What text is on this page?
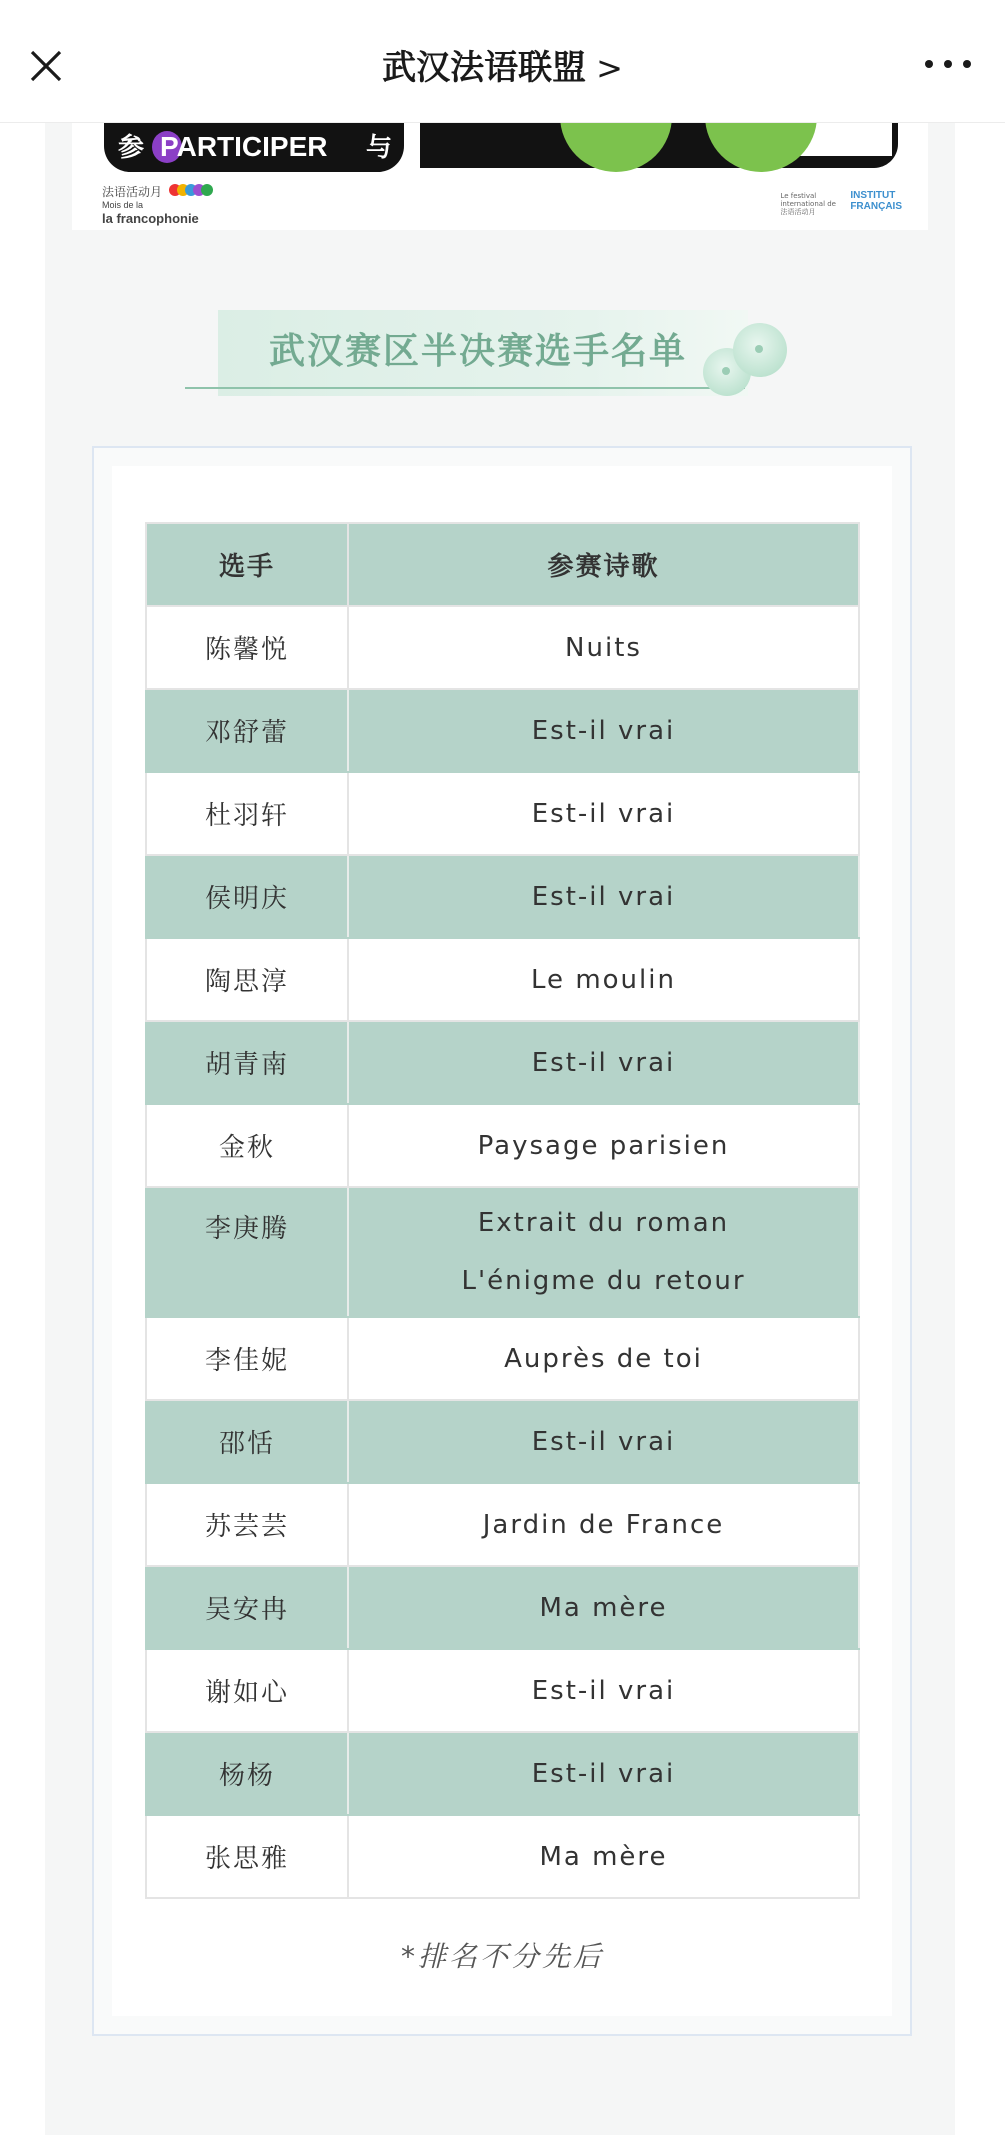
武汉法语联盟 >
参 PARTICIPER 与
法语活动月
Mois de la
la francophonie
Le festival
international de
法语活动月
INSTITUT
FRANÇAIS
武汉赛区半决赛选手名单
选手	参赛诗歌
陈馨悦	Nuits
邓舒蕾	Est-il vrai
杜羽轩	Est-il vrai
侯明庆	Est-il vrai
陶思淳	Le moulin
胡青南	Est-il vrai
金秋	Paysage parisien
李庚腾	Extrait du roman
L'énigme du retour

李佳妮	Auprès de toi
邵恬	Est-il vrai
苏芸芸	Jardin de France
吴安冉	Ma mère
谢如心	Est-il vrai
杨杨	Est-il vrai
张思雅	Ma mère
*排名不分先后
